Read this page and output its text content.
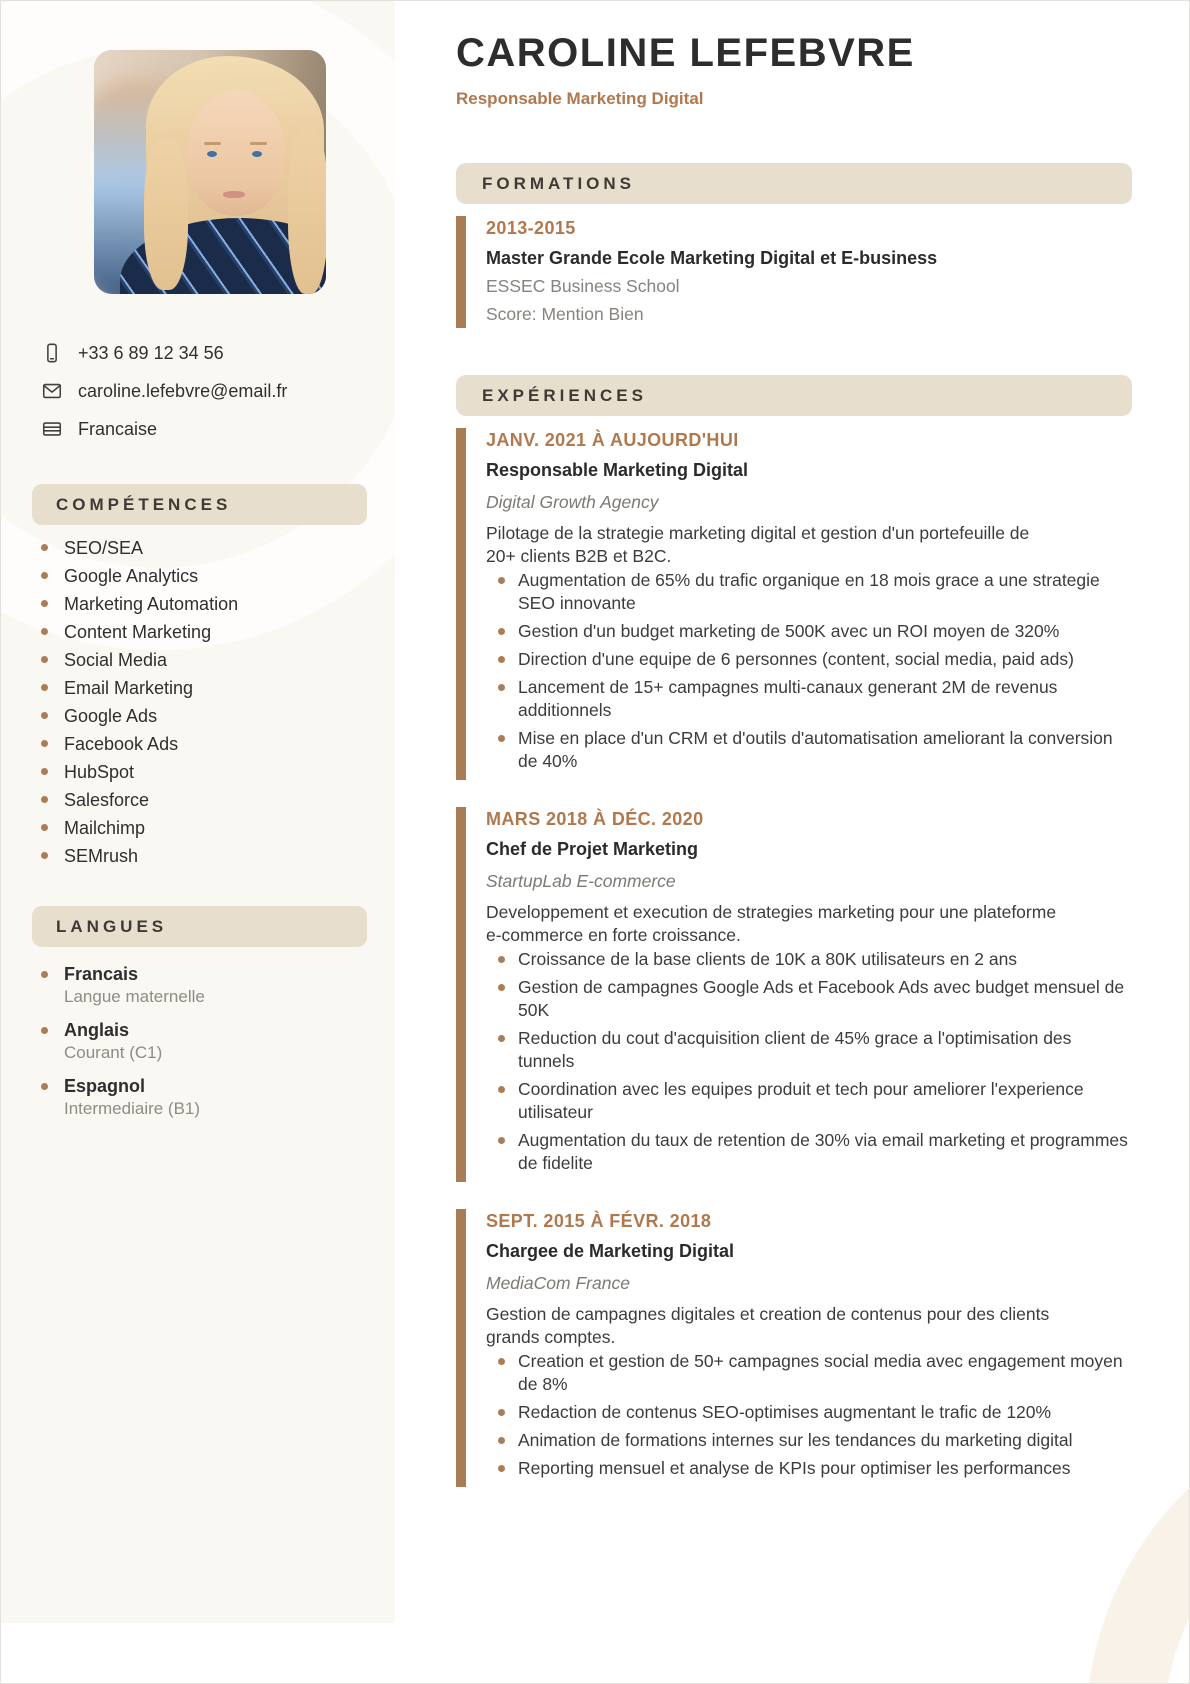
+33 6 89 12 34 56
caroline.lefebvre@email.fr
Francaise
COMPÉTENCES
SEO/SEA
Google Analytics
Marketing Automation
Content Marketing
Social Media
Email Marketing
Google Ads
Facebook Ads
HubSpot
Salesforce
Mailchimp
SEMrush
LANGUES
Francais
Langue maternelle
Anglais
Courant (C1)
Espagnol
Intermediaire (B1)
CAROLINE LEFEBVRE
Responsable Marketing Digital
FORMATIONS
2013-2015
Master Grande Ecole Marketing Digital et E-business
ESSEC Business School
Score: Mention Bien
EXPÉRIENCES
JANV. 2021 À AUJOURD'HUI
Responsable Marketing Digital
Digital Growth Agency

Pilotage de la strategie marketing digital et gestion d'un portefeuille de 20+ clients B2B et B2C.

Augmentation de 65% du trafic organique en 18 mois grace a une strategie SEO innovante
Gestion d'un budget marketing de 500K avec un ROI moyen de 320%
Direction d'une equipe de 6 personnes (content, social media, paid ads)
Lancement de 15+ campagnes multi-canaux generant 2M de revenus additionnels
Mise en place d'un CRM et d'outils d'automatisation ameliorant la conversion de 40%
MARS 2018 À DÉC. 2020
Chef de Projet Marketing
StartupLab E-commerce

Developpement et execution de strategies marketing pour une plateforme e-commerce en forte croissance.

Croissance de la base clients de 10K a 80K utilisateurs en 2 ans
Gestion de campagnes Google Ads et Facebook Ads avec budget mensuel de 50K
Reduction du cout d'acquisition client de 45% grace a l'optimisation des tunnels
Coordination avec les equipes produit et tech pour ameliorer l'experience utilisateur
Augmentation du taux de retention de 30% via email marketing et programmes de fidelite
SEPT. 2015 À FÉVR. 2018
Chargee de Marketing Digital
MediaCom France

Gestion de campagnes digitales et creation de contenus pour des clients grands comptes.

Creation et gestion de 50+ campagnes social media avec engagement moyen de 8%
Redaction de contenus SEO-optimises augmentant le trafic de 120%
Animation de formations internes sur les tendances du marketing digital
Reporting mensuel et analyse de KPIs pour optimiser les performances
